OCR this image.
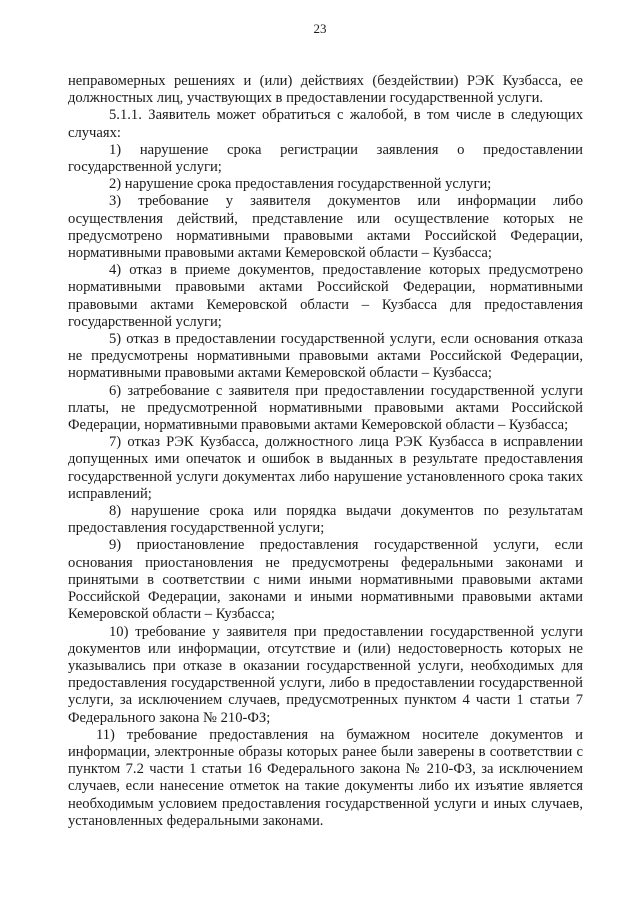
23

неправомерных решениях и (или) действиях (бездействии) РЭК Кузбасса, ее должностных лиц, участвующих в предоставлении государственной услуги.

5.1.1. Заявитель может обратиться с жалобой, в том числе в следующих случаях:

1) нарушение срока регистрации заявления о предоставлении государственной услуги;

2) нарушение срока предоставления государственной услуги;

3) требование у заявителя документов или информации либо осуществления действий, представление или осуществление которых не предусмотрено нормативными правовыми актами Российской Федерации, нормативными правовыми актами Кемеровской области – Кузбасса;

4) отказ в приеме документов, предоставление которых предусмотрено нормативными правовыми актами Российской Федерации, нормативными правовыми актами Кемеровской области – Кузбасса для предоставления государственной услуги;

5) отказ в предоставлении государственной услуги, если основания отказа не предусмотрены нормативными правовыми актами Российской Федерации, нормативными правовыми актами Кемеровской области – Кузбасса;

6) затребование с заявителя при предоставлении государственной услуги платы, не предусмотренной нормативными правовыми актами Российской Федерации, нормативными правовыми актами Кемеровской области – Кузбасса;

7) отказ РЭК Кузбасса, должностного лица РЭК Кузбасса в исправлении допущенных ими опечаток и ошибок в выданных в результате предоставления государственной услуги документах либо нарушение установленного срока таких исправлений;

8) нарушение срока или порядка выдачи документов по результатам предоставления государственной услуги;

9) приостановление предоставления государственной услуги, если основания приостановления не предусмотрены федеральными законами и принятыми в соответствии с ними иными нормативными правовыми актами Российской Федерации, законами и иными нормативными правовыми актами Кемеровской области – Кузбасса;

10) требование у заявителя при предоставлении государственной услуги документов или информации, отсутствие и (или) недостоверность которых не указывались при отказе в оказании государственной услуги, необходимых для предоставления государственной услуги, либо в предоставлении государственной услуги, за исключением случаев, предусмотренных пунктом 4 части 1 статьи 7 Федерального закона № 210-ФЗ;

11) требование предоставления на бумажном носителе документов и информации, электронные образы которых ранее были заверены в соответствии с пунктом 7.2 части 1 статьи 16 Федерального закона № 210-ФЗ, за исключением случаев, если нанесение отметок на такие документы либо их изъятие является необходимым условием предоставления государственной услуги и иных случаев, установленных федеральными законами.
